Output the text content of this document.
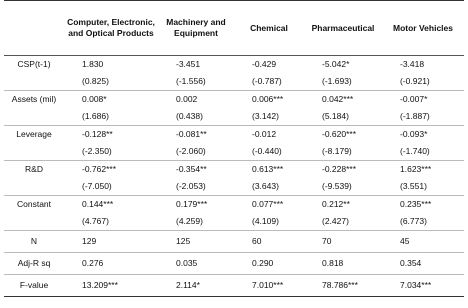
	Computer, Electronic, and Optical Products	Machinery and Equipment	Chemical	Pharmaceutical	Motor Vehicles
CSP(t-1)	1.830	-3.451	-0.429	-5.042*	-3.418
	(0.825)	(-1.556)	(-0.787)	(-1.693)	(-0.921)
Assets (mil)	0.008*	0.002	0.006***	0.042***	-0.007*
	(1.686)	(0.438)	(3.142)	(5.184)	(-1.887)
Leverage	-0.128**	-0.081**	-0.012	-0.620***	-0.093*
	(-2.350)	(-2.060)	(-0.440)	(-8.179)	(-1.740)
R&D	-0.762***	-0.354**	0.613***	-0.228***	1.623***
	(-7.050)	(-2.053)	(3.643)	(-9.539)	(3.551)
Constant	0.144***	0.179***	0.077***	0.212**	0.235***
	(4.767)	(4.259)	(4.109)	(2.427)	(6.773)
N	129	125	60	70	45
Adj-R sq	0.276	0.035	0.290	0.818	0.354
F-value	13.209***	2.114*	7.010***	78.786***	7.034***
